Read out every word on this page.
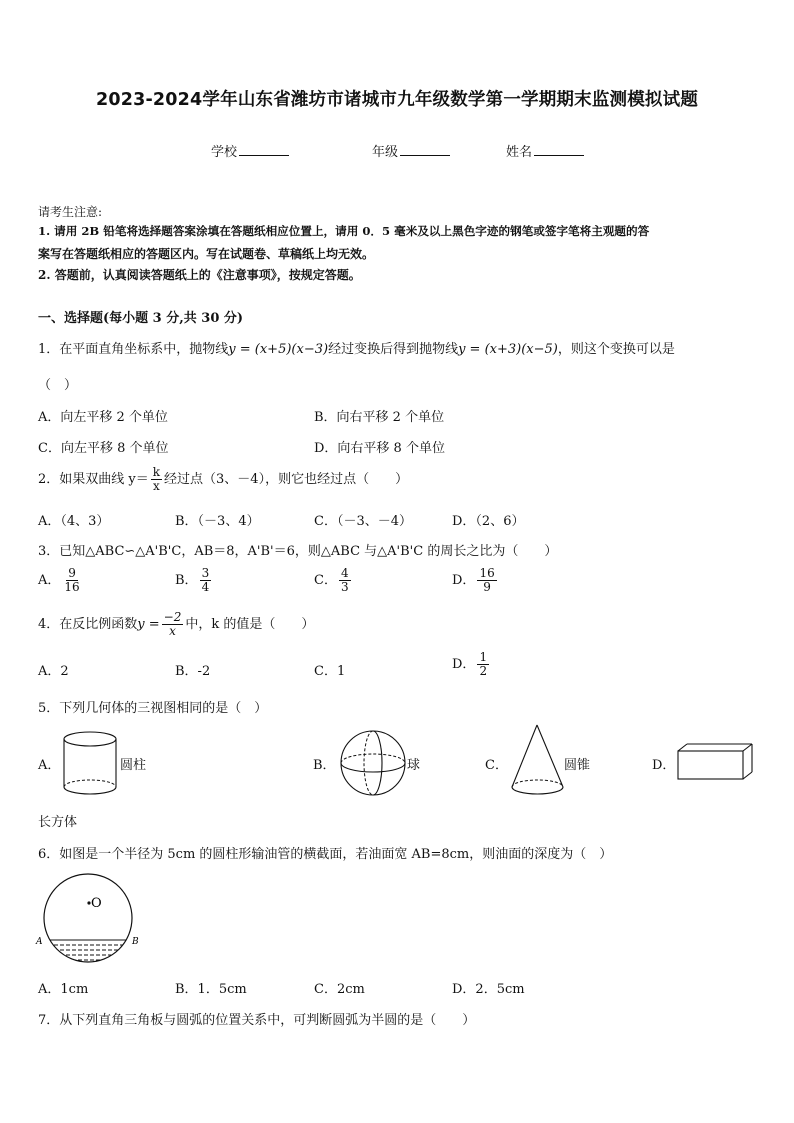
2023-2024学年山东省潍坊市诸城市九年级数学第一学期期末监测模拟试题
学校	年级	姓名
请考生注意:
1. 请用 2B 铅笔将选择题答案涂填在答题纸相应位置上，请用 0．5 毫米及以上黑色字迹的钢笔或签字笔将主观题的答
案写在答题纸相应的答题区内。写在试题卷、草稿纸上均无效。
2. 答题前，认真阅读答题纸上的《注意事项》，按规定答题。
一、选择题(每小题 3 分,共 30 分)
1．在平面直角坐标系中，抛物线y = (x+5)(x−3)经过变换后得到抛物线y = (x+3)(x−5)，则这个变换可以是
（　）
A．向左平移 2 个单位	B．向右平移 2 个单位
C．向左平移 8 个单位	D．向右平移 8 个单位
2．如果双曲线 $y= \frac{k}{x}$ 经过点（3、－4），则它也经过点（　　）
A．（4、3）	B．（－3、4）	C．（－3、－4）	D．（2、6）
3．已知△ABC∽△A'B'C，AB＝8，A'B'＝6，则△ABC 与△A'B'C 的周长之比为（　　）
A． $\frac{9}{16}$	B． $\frac{3}{4}$	C． $\frac{4}{3}$	D． $\frac{16}{9}$
4．在反比例函数$y = \frac{-2}{x}$ 中，k 的值是（　　）
A．2	B．-2	C．1	D． $\frac{1}{2}$
5．下列几何体的三视图相同的是（　）
A．	圆柱	B．	球	C．	圆锥	D．
长方体
6．如图是一个半径为 5cm 的圆柱形输油管的横截面，若油面宽 AB=8cm，则油面的深度为（　）
O
A	B
A．1cm	B．1．5cm	C．2cm	D．2．5cm
7．从下列直角三角板与圆弧的位置关系中，可判断圆弧为半圆的是（　　）
